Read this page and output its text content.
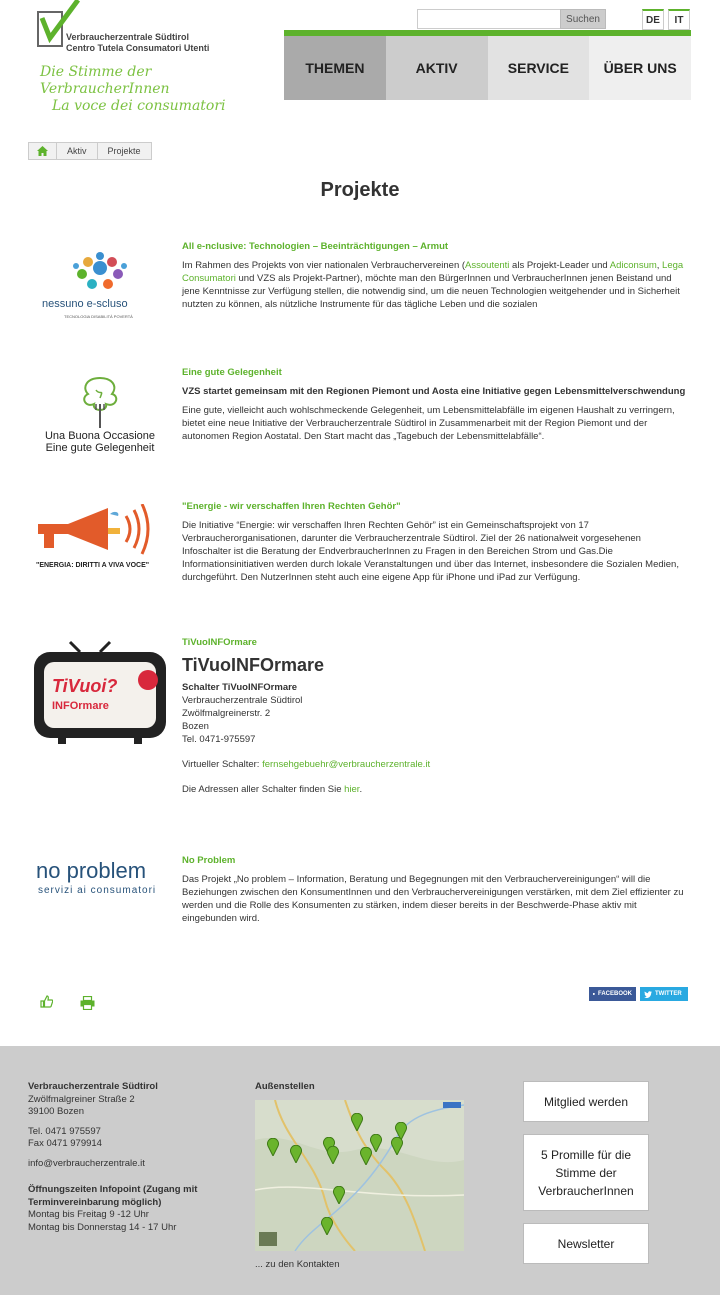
Verbraucherzentrale Südtirol
Centro Tutela Consumatori Utenti
Die Stimme der VerbraucherInnen
La voce dei consumatori
Suchen	DE	IT
THEMEN	AKTIV	SERVICE	ÜBER UNS
Aktiv	Projekte
Projekte
nessuno e-scluso
TECNOLOGIA DISABILITÀ POVERTÀ
All e-nclusive: Technologien – Beeinträchtigungen – Armut
Im Rahmen des Projekts von vier nationalen Verbrauchervereinen (Assoutenti als Projekt-Leader und Adiconsum, Lega Consumatori und VZS als Projekt-Partner), möchte man den BürgerInnen und VerbraucherInnen jenen Beistand und jene Kenntnisse zur Verfügung stellen, die notwendig sind, um die neuen Technologien weitgehender und in Sicherheit nutzten zu können, als nützliche Instrumente für das tägliche Leben und die sozialen
Una Buona Occasione
Eine gute Gelegenheit
Eine gute Gelegenheit
VZS startet gemeinsam mit den Regionen Piemont und Aosta eine Initiative gegen Lebensmittelverschwendung
Eine gute, vielleicht auch wohlschmeckende Gelegenheit, um Lebensmittelabfälle im eigenen Haushalt zu verringern, bietet eine neue Initiative der Verbraucherzentrale Südtirol in Zusammenarbeit mit der Region Piemont und der autonomen Region Aostatal. Den Start macht das „Tagebuch der Lebensmittelabfälle“.
"ENERGIA: DIRITTI A VIVA VOCE"
"Energie - wir verschaffen Ihren Rechten Gehör"
Die Initiative “Energie: wir verschaffen Ihren Rechten Gehör” ist ein Gemeinschaftsprojekt von 17 Verbraucherorganisationen, darunter die Verbraucherzentrale Südtirol. Ziel der 26 nationalweit vorgesehenen Infoschalter ist die Beratung der EndverbraucherInnen zu Fragen in den Bereichen Strom und Gas.Die Informationsinitiativen werden durch lokale Veranstaltungen und über das Internet, insbesondere die Sozialen Medien, durchgeführt. Den NutzerInnen steht auch eine eigene App für iPhone und iPad zur Verfügung.
TiVuoi?
INFOrmare
TiVuoINFOrmare
TiVuoINFOrmare
Schalter TiVuoINFOrmare
Verbraucherzentrale Südtirol
Zwölfmalgreinerstr. 2
Bozen
Tel. 0471-975597
Virtueller Schalter: fernsehgebuehr@verbraucherzentrale.it
Die Adressen aller Schalter finden Sie hier.
no problem
servizi ai consumatori
No Problem
Das Projekt „No problem – Information, Beratung und Begegnungen mit den Verbrauchervereinigungen“ will die Beziehungen zwischen den KonsumentInnen und den Verbrauchervereinigungen verstärken, mit dem Ziel effizienter zu werden und die Rolle des Konsumenten zu stärken, indem dieser bereits in der Beschwerde-Phase aktiv mit eingebunden wird.
FACEBOOK	TWITTER
Verbraucherzentrale Südtirol
Zwölfmalgreiner Straße 2
39100 Bozen
Tel. 0471 975597
Fax 0471 979914
info@verbraucherzentrale.it
Öffnungszeiten Infopoint (Zugang mit
Terminvereinbarung möglich)
Montag bis Freitag 9 -12 Uhr
Montag bis Donnerstag 14 - 17 Uhr
Außenstellen
... zu den Kontakten
Mitglied werden
5 Promille für die Stimme der VerbraucherInnen
Newsletter
